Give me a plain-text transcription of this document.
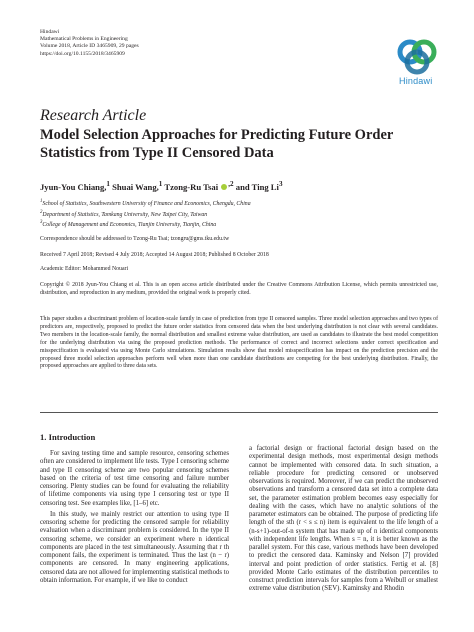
Hindawi
Mathematical Problems in Engineering
Volume 2018, Article ID 3465909, 29 pages
https://doi.org/10.1155/2018/3465909
Hindawi
Research Article
Model Selection Approaches for Predicting Future Order Statistics from Type II Censored Data
Jyun-You Chiang,$^1$ Shuai Wang,$^1$ Tzong-Ru Tsai $^{,2}$ and Ting Li$^3$
$^1$School of Statistics, Southwestern University of Finance and Economics, Chengdu, China
$^2$Department of Statistics, Tamkang University, New Taipei City, Taiwan
$^3$College of Management and Economics, Tianjin University, Tianjin, China
Correspondence should be addressed to Tzong-Ru Tsai; tzongru@gms.tku.edu.tw
Received 7 April 2018; Revised 4 July 2018; Accepted 14 August 2018; Published 8 October 2018
Academic Editor: Mohammed Nouari
Copyright © 2018 Jyun-You Chiang et al. This is an open access article distributed under the Creative Commons Attribution License, which permits unrestricted use, distribution, and reproduction in any medium, provided the original work is properly cited.
This paper studies a discriminant problem of location-scale family in case of prediction from type II censored samples. Three model selection approaches and two types of predictors are, respectively, proposed to predict the future order statistics from censored data when the best underlying distribution is not clear with several candidates. Two members in the location-scale family, the normal distribution and smallest extreme value distribution, are used as candidates to illustrate the best model competition for the underlying distribution via using the proposed prediction methods. The performance of correct and incorrect selections under correct specification and misspecification is evaluated via using Monte Carlo simulations. Simulation results show that model misspecification has impact on the prediction precision and the proposed three model selection approaches perform well when more than one candidate distributions are competing for the best underlying distribution. Finally, the proposed approaches are applied to three data sets.
1. Introduction

For saving testing time and sample resource, censoring schemes often are considered to implement life tests. Type I censoring scheme and type II censoring scheme are two popular censoring schemes based on the criteria of test time censoring and failure number censoring. Plenty studies can be found for evaluating the reliability of lifetime components via using type I censoring test or type II censoring test. See examples like, [1–6] etc.

In this study, we mainly restrict our attention to using type II censoring scheme for predicting the censored sample for reliability evaluation when a discriminant problem is considered. In the type II censoring scheme, we consider an experiment where n identical components are placed in the test simultaneously. Assuming that r th component fails, the experiment is terminated. Thus the last (n − r) components are censored. In many engineering applications, censored data are not allowed for implementing statistical methods to obtain information. For example, if we like to conduct

a factorial design or fractional factorial design based on the experimental design methods, most experimental design methods cannot be implemented with censored data. In such situation, a reliable procedure for predicting censored or unobserved observations is required. Moreover, if we can predict the unobserved observations and transform a censored data set into a complete data set, the parameter estimation problem becomes easy especially for dealing with the cases, which have no analytic solutions of the parameter estimators can be obtained. The purpose of predicting life length of the sth (r < s ≤ n) item is equivalent to the life length of a (n-s+1)-out-of-n system that has made up of n identical components with independent life lengths. When s = n, it is better known as the parallel system. For this case, various methods have been developed to predict the censored data. Kaminsky and Nelson [7] provided interval and point prediction of order statistics. Fertig et al. [8] provided Monte Carlo estimates of the distribution percentiles to construct prediction intervals for samples from a Weibull or smallest extreme value distribution (SEV). Kaminsky and Rhodin
